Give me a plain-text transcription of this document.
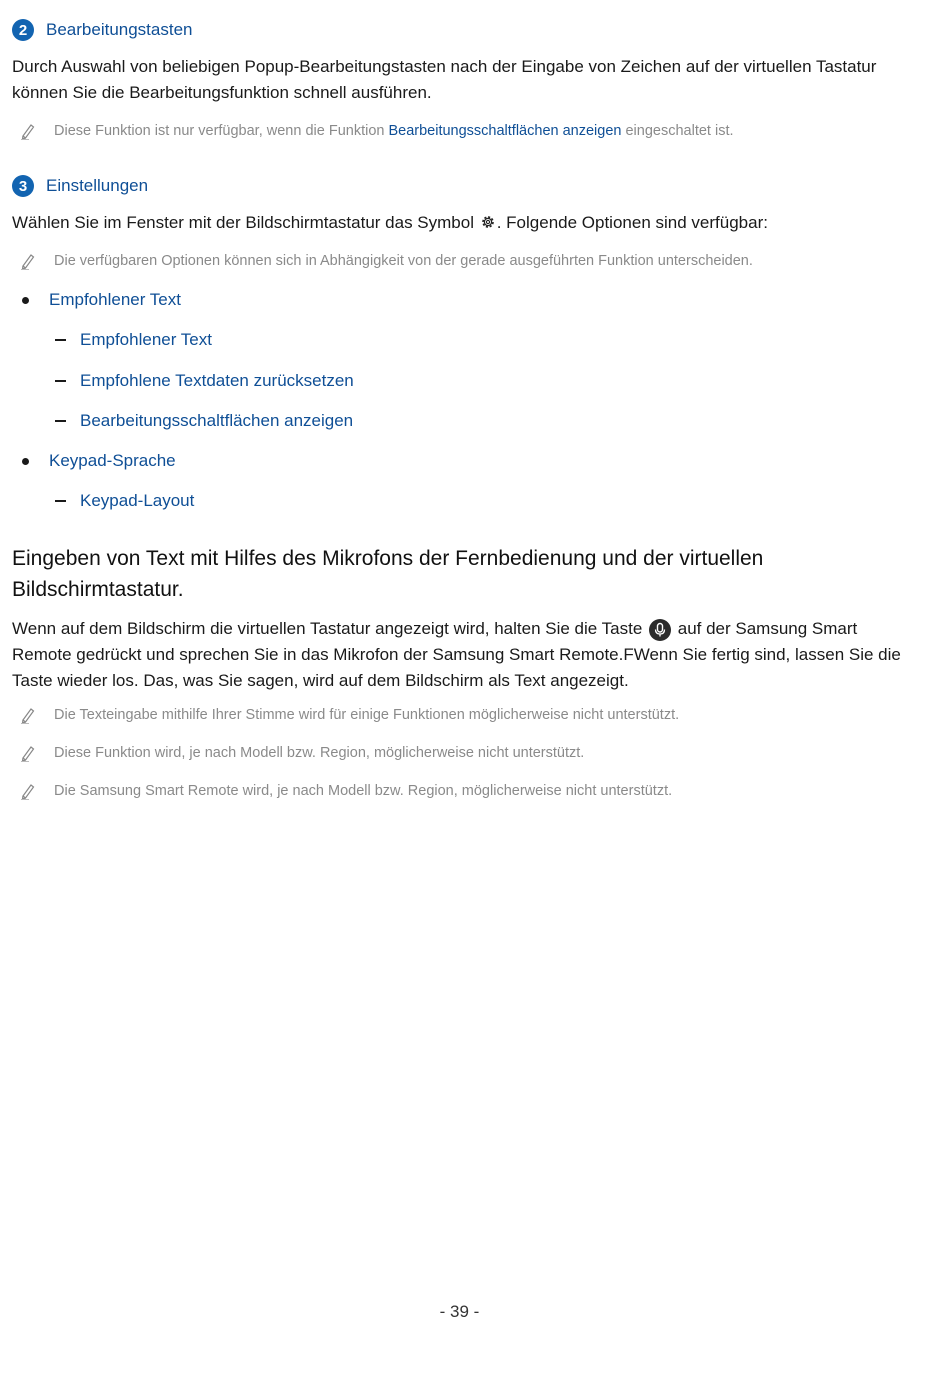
2	Bearbeitungstasten
Durch Auswahl von beliebigen Popup-Bearbeitungstasten nach der Eingabe von Zeichen auf der virtuellen Tastatur können Sie die Bearbeitungsfunktion schnell ausführen.
Diese Funktion ist nur verfügbar, wenn die Funktion Bearbeitungsschaltflächen anzeigen eingeschaltet ist.
3	Einstellungen
Wählen Sie im Fenster mit der Bildschirmtastatur das Symbol . Folgende Optionen sind verfügbar:
Die verfügbaren Optionen können sich in Abhängigkeit von der gerade ausgeführten Funktion unterscheiden.
Empfohlener Text
Empfohlener Text
Empfohlene Textdaten zurücksetzen
Bearbeitungsschaltflächen anzeigen
Keypad-Sprache
Keypad-Layout
Eingeben von Text mit Hilfes des Mikrofons der Fernbedienung und der virtuellen Bildschirmtastatur.
Wenn auf dem Bildschirm die virtuellen Tastatur angezeigt wird, halten Sie die Taste
auf der Samsung Smart Remote gedrückt und sprechen Sie in das Mikrofon der Samsung Smart Remote.FWenn Sie fertig sind, lassen Sie die Taste wieder los. Das, was Sie sagen, wird auf dem Bildschirm als Text angezeigt.
Die Texteingabe mithilfe Ihrer Stimme wird für einige Funktionen möglicherweise nicht unterstützt.
Diese Funktion wird, je nach Modell bzw. Region, möglicherweise nicht unterstützt.
Die Samsung Smart Remote wird, je nach Modell bzw. Region, möglicherweise nicht unterstützt.
- 39 -
